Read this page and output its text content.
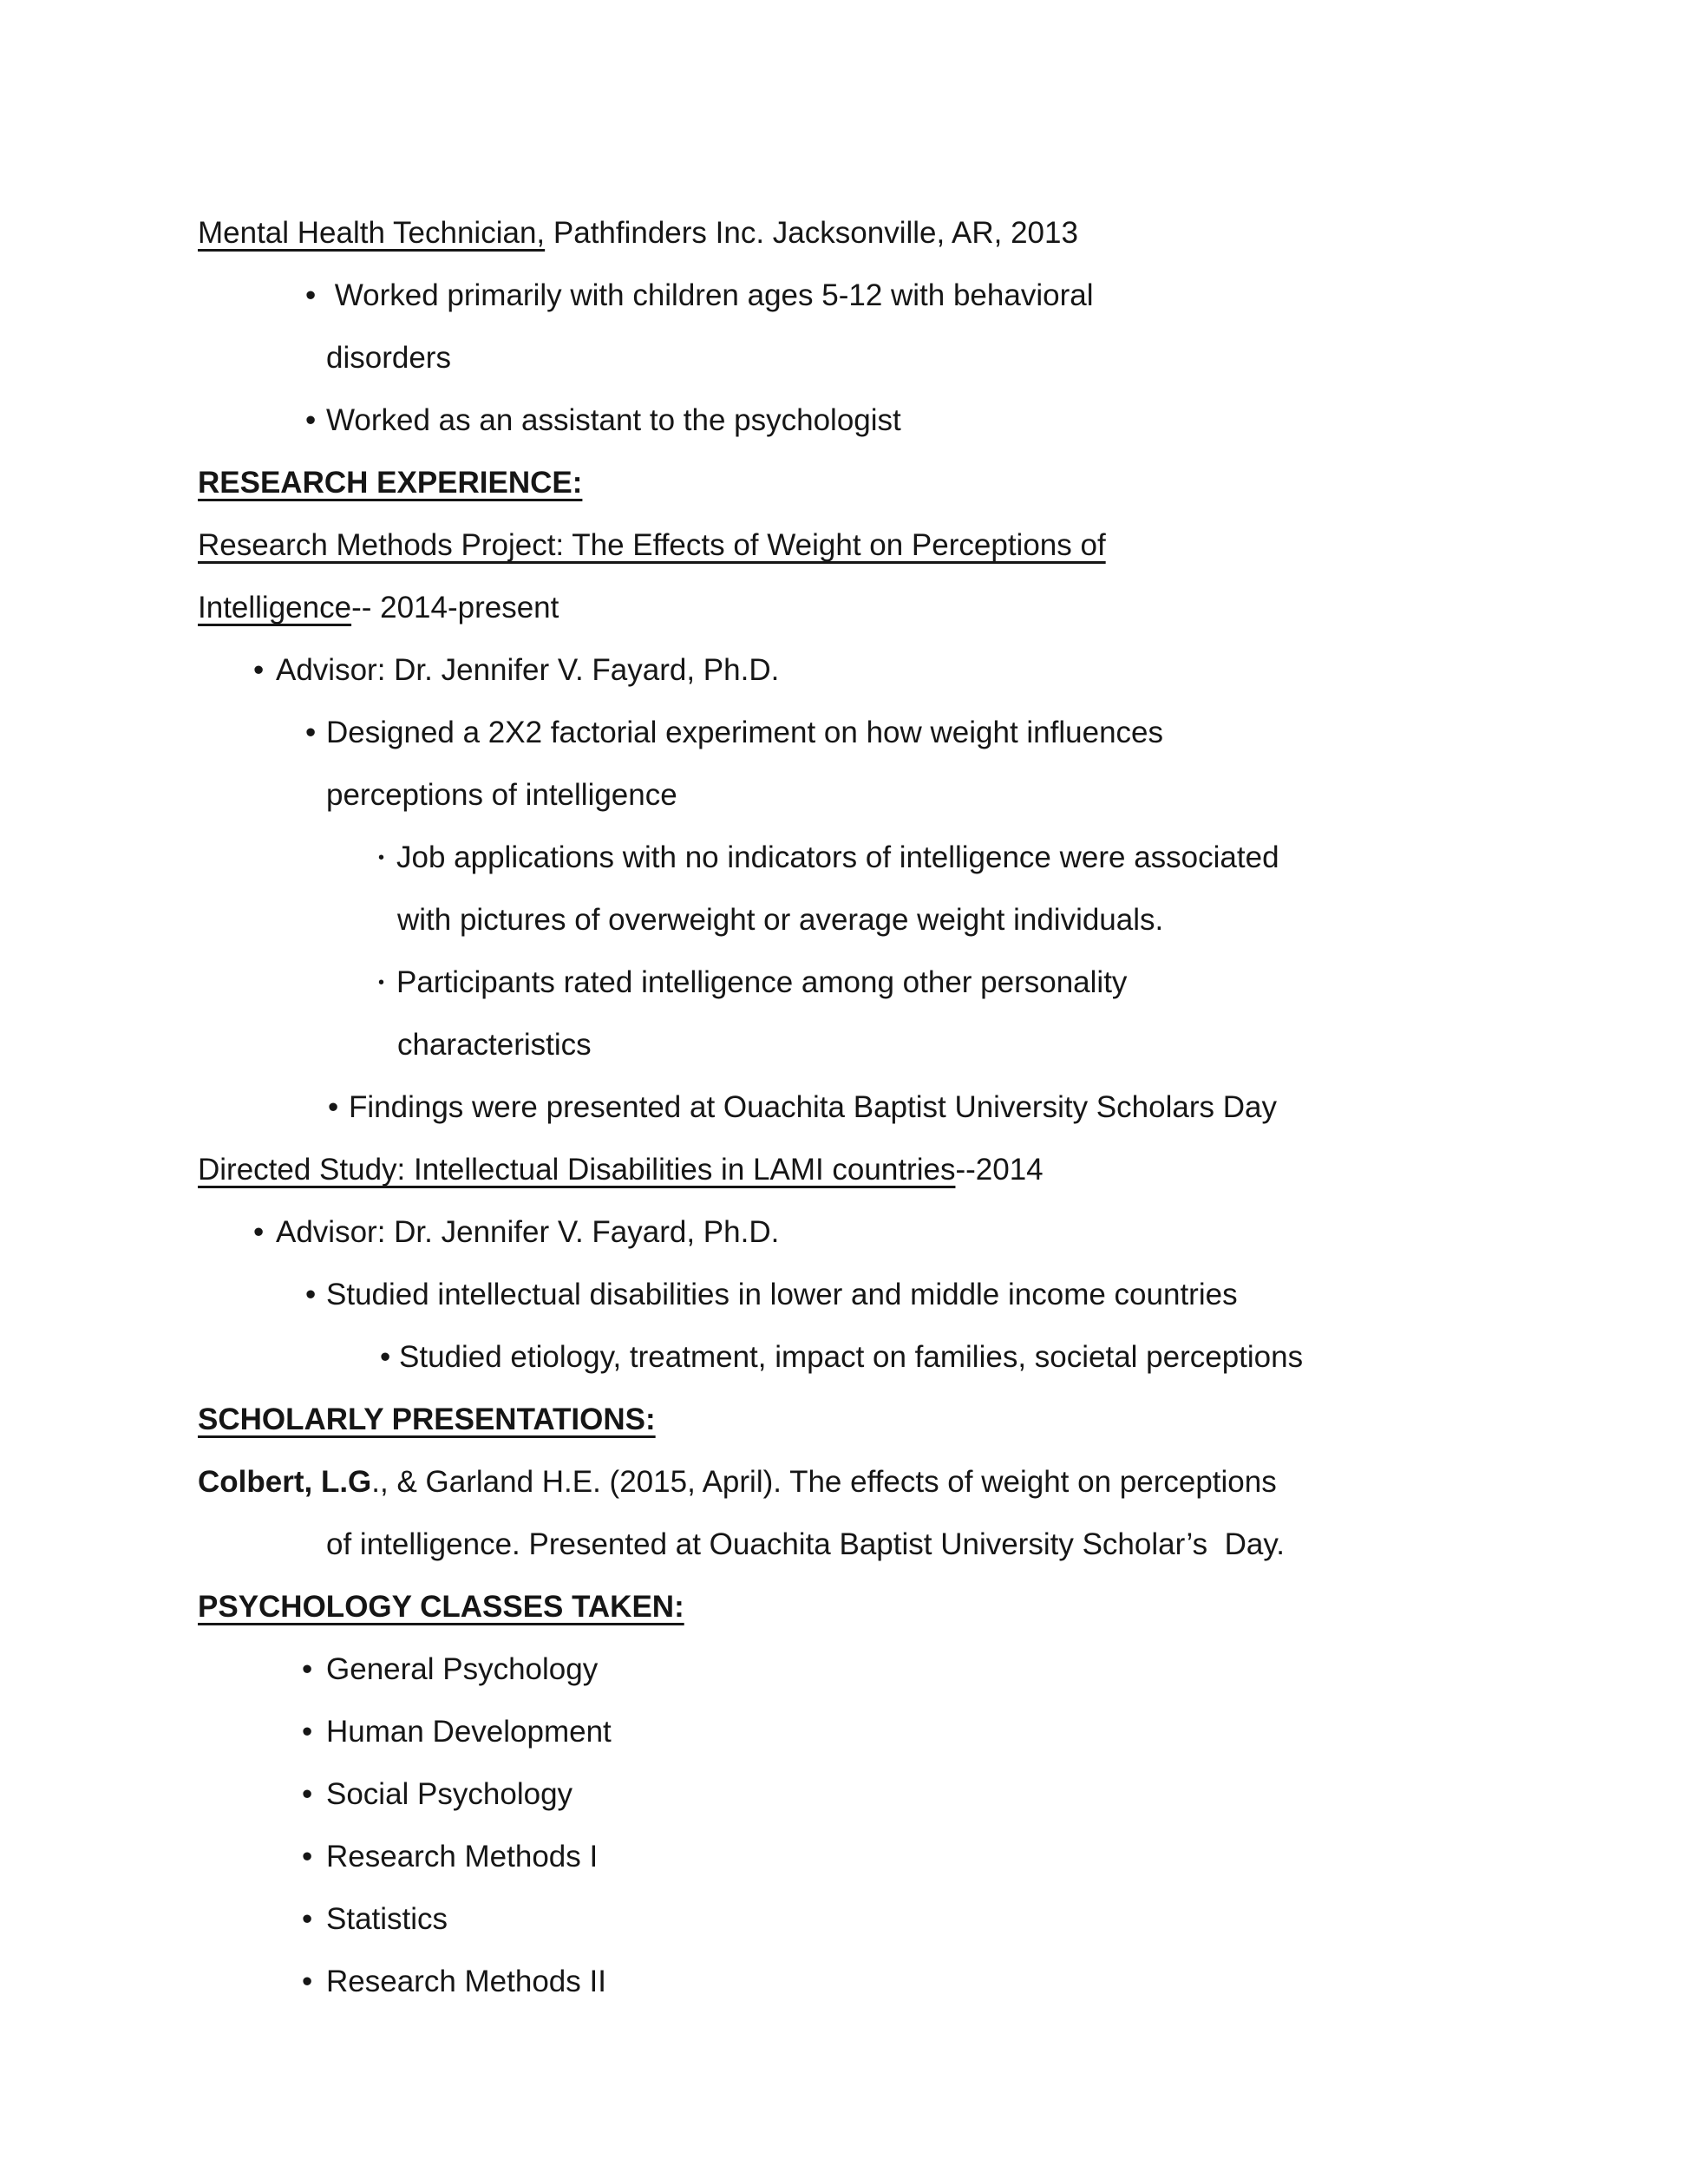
Mental Health Technician, Pathfinders Inc. Jacksonville, AR, 2013
• Worked primarily with children ages 5-12 with behavioral
disorders
• Worked as an assistant to the psychologist
RESEARCH EXPERIENCE:
Research Methods Project: The Effects of Weight on Perceptions of
Intelligence-- 2014-present
• Advisor: Dr. Jennifer V. Fayard, Ph.D.
• Designed a 2X2 factorial experiment on how weight influences
perceptions of intelligence
• Job applications with no indicators of intelligence were associated
with pictures of overweight or average weight individuals.
• Participants rated intelligence among other personality
characteristics
• Findings were presented at Ouachita Baptist University Scholars Day
Directed Study: Intellectual Disabilities in LAMI countries--2014
• Advisor: Dr. Jennifer V. Fayard, Ph.D.
• Studied intellectual disabilities in lower and middle income countries
• Studied etiology, treatment, impact on families, societal perceptions
SCHOLARLY PRESENTATIONS:
Colbert, L.G., & Garland H.E. (2015, April). The effects of weight on perceptions
of intelligence. Presented at Ouachita Baptist University Scholar’s  Day.
PSYCHOLOGY CLASSES TAKEN:
• General Psychology
• Human Development
• Social Psychology
• Research Methods I
• Statistics
• Research Methods II
